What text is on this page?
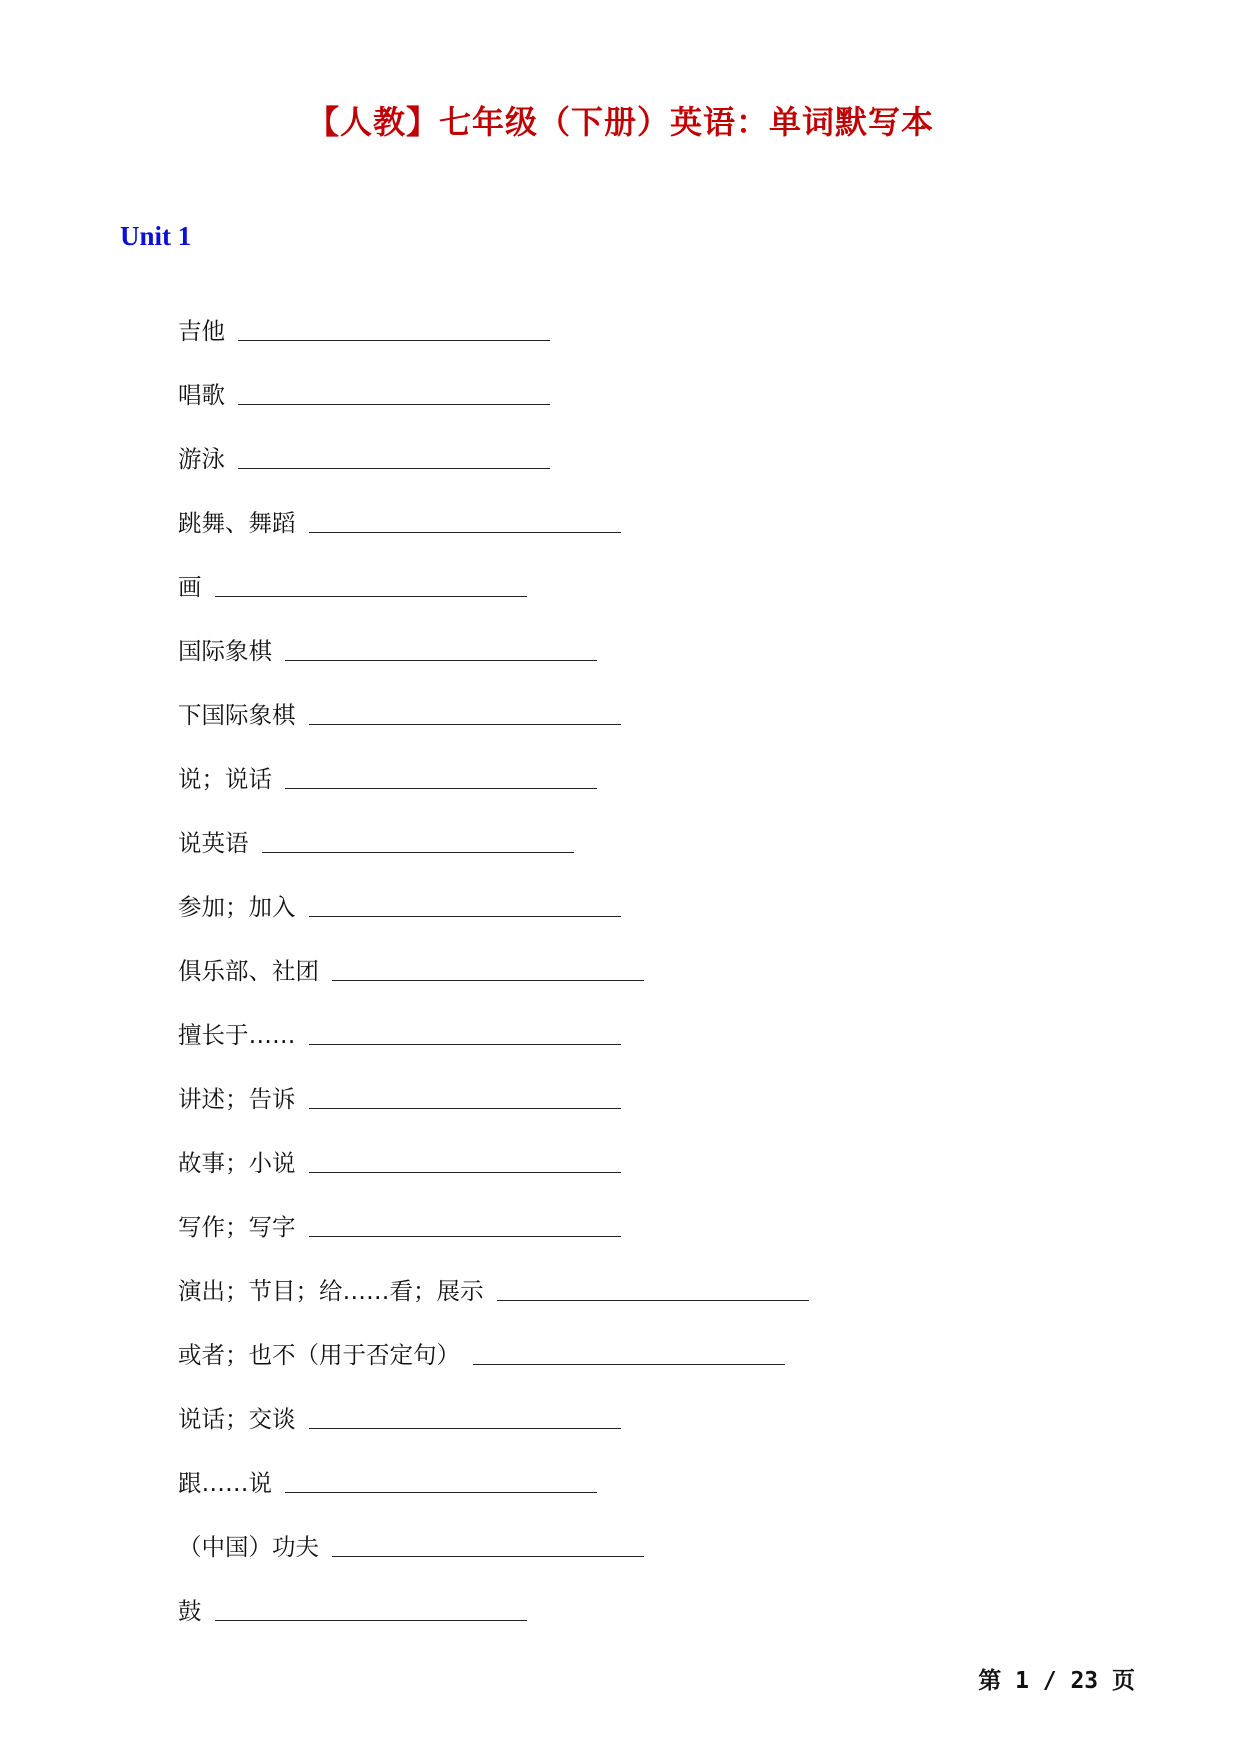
【人教】七年级（下册）英语：单词默写本
Unit 1
吉他
唱歌
游泳
跳舞、舞蹈
画
国际象棋
下国际象棋
说；说话
说英语
参加；加入
俱乐部、社团
擅长于……
讲述；告诉
故事；小说
写作；写字
演出；节目；给……看；展示
或者；也不（用于否定句）
说话；交谈
跟……说
（中国）功夫
鼓
第 1 / 23 页
